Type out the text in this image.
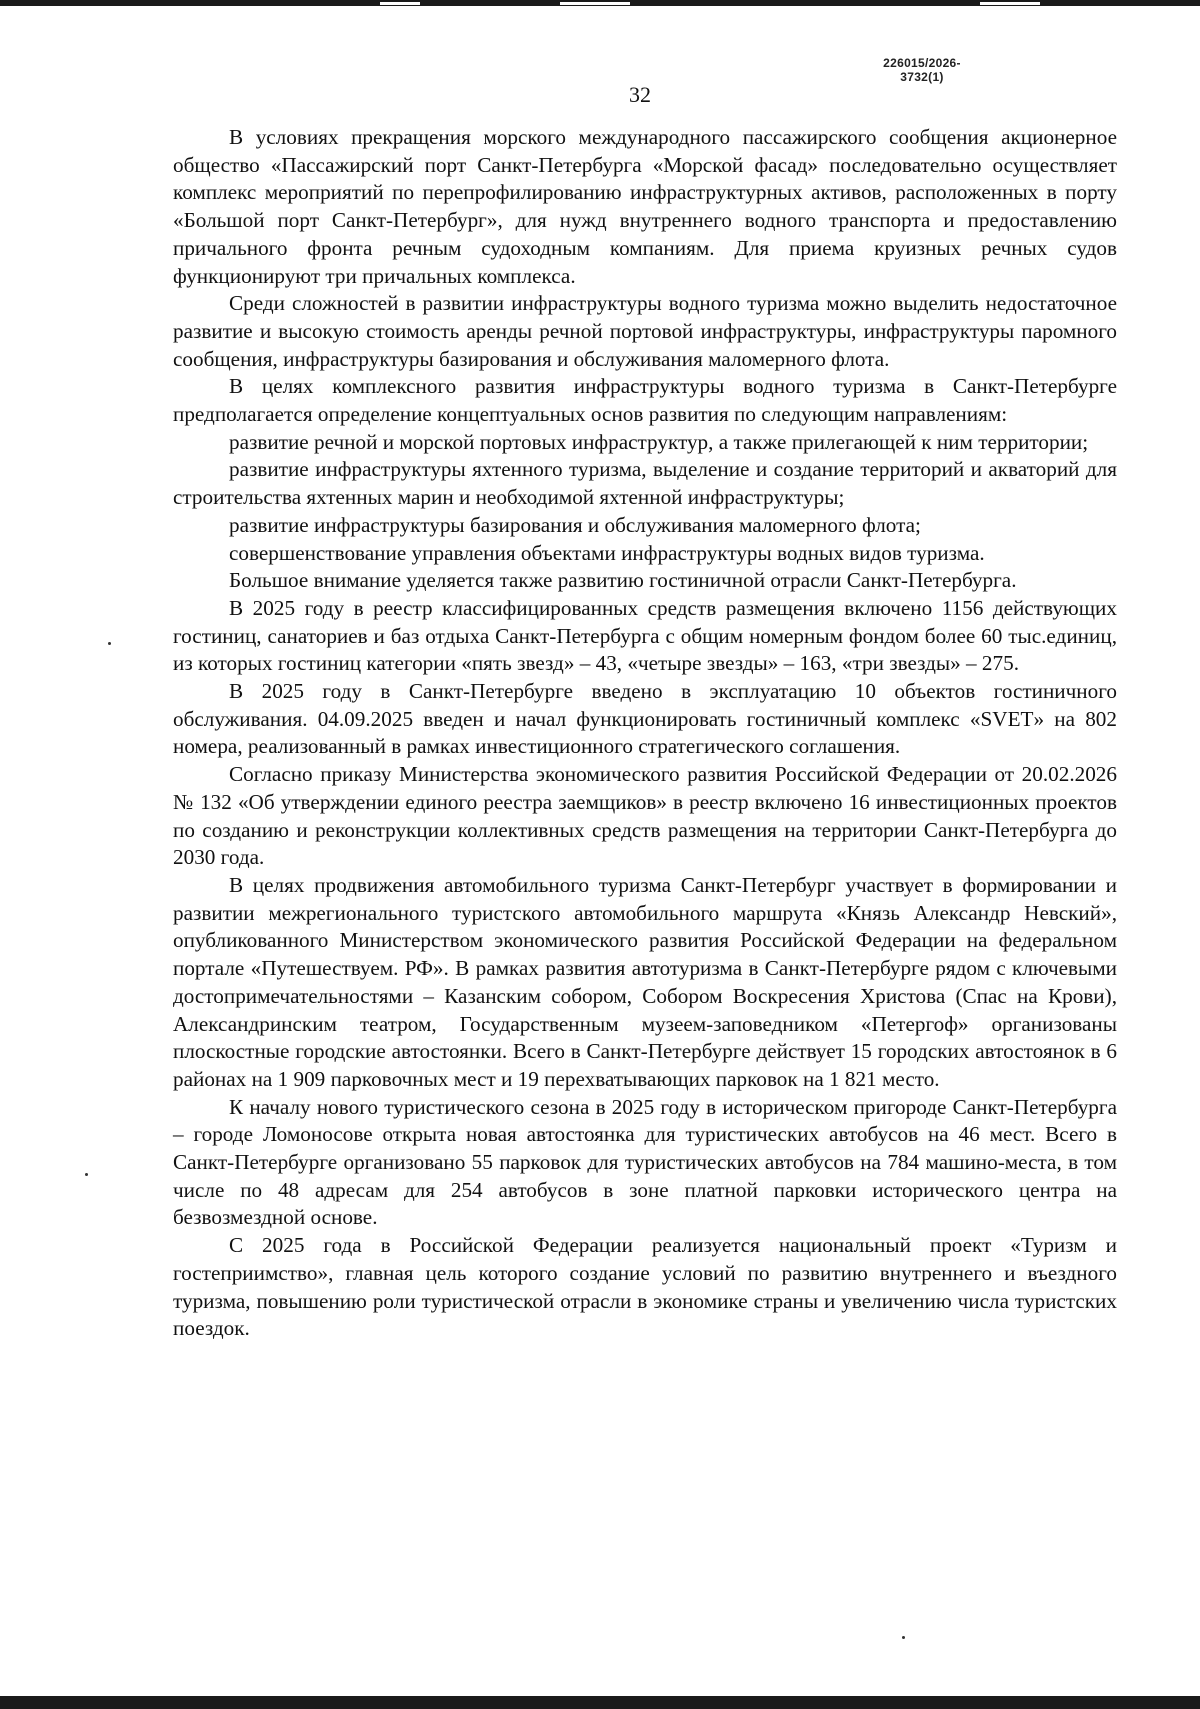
226015/2026-3732(1)
32

В условиях прекращения морского международного пассажирского сообщения акционерное общество «Пассажирский порт Санкт-Петербурга «Морской фасад» последовательно осуществляет комплекс мероприятий по перепрофилированию инфраструктурных активов, расположенных в порту «Большой порт Санкт-Петербург», для нужд внутреннего водного транспорта и предоставлению причального фронта речным судоходным компаниям. Для приема круизных речных судов функционируют три причальных комплекса.

Среди сложностей в развитии инфраструктуры водного туризма можно выделить недостаточное развитие и высокую стоимость аренды речной портовой инфраструктуры, инфраструктуры паромного сообщения, инфраструктуры базирования и обслуживания маломерного флота.

В целях комплексного развития инфраструктуры водного туризма в Санкт-Петербурге предполагается определение концептуальных основ развития по следующим направлениям:

развитие речной и морской портовых инфраструктур, а также прилегающей к ним территории;

развитие инфраструктуры яхтенного туризма, выделение и создание территорий и акваторий для строительства яхтенных марин и необходимой яхтенной инфраструктуры;

развитие инфраструктуры базирования и обслуживания маломерного флота;

совершенствование управления объектами инфраструктуры водных видов туризма.

Большое внимание уделяется также развитию гостиничной отрасли Санкт-Петербурга.

В 2025 году в реестр классифицированных средств размещения включено 1156 действующих гостиниц, санаториев и баз отдыха Санкт-Петербурга с общим номерным фондом более 60 тыс.единиц, из которых гостиниц категории «пять звезд» – 43, «четыре звезды» – 163, «три звезды» – 275.

В 2025 году в Санкт-Петербурге введено в эксплуатацию 10 объектов гостиничного обслуживания. 04.09.2025 введен и начал функционировать гостиничный комплекс «SVET» на 802 номера, реализованный в рамках инвестиционного стратегического соглашения.

Согласно приказу Министерства экономического развития Российской Федерации от 20.02.2026 № 132 «Об утверждении единого реестра заемщиков» в реестр включено 16 инвестиционных проектов по созданию и реконструкции коллективных средств размещения на территории Санкт-Петербурга до 2030 года.

В целях продвижения автомобильного туризма Санкт-Петербург участвует в формировании и развитии межрегионального туристского автомобильного маршрута «Князь Александр Невский», опубликованного Министерством экономического развития Российской Федерации на федеральном портале «Путешествуем. РФ». В рамках развития автотуризма в Санкт-Петербурге рядом с ключевыми достопримечательностями – Казанским собором, Собором Воскресения Христова (Спас на Крови), Александринским театром, Государственным музеем-заповедником «Петергоф» организованы плоскостные городские автостоянки. Всего в Санкт-Петербурге действует 15 городских автостоянок в 6 районах на 1 909 парковочных мест и 19 перехватывающих парковок на 1 821 место.

К началу нового туристического сезона в 2025 году в историческом пригороде Санкт-Петербурга – городе Ломоносове открыта новая автостоянка для туристических автобусов на 46 мест. Всего в Санкт-Петербурге организовано 55 парковок для туристических автобусов на 784 машино-места, в том числе по 48 адресам для 254 автобусов в зоне платной парковки исторического центра на безвозмездной основе.

С 2025 года в Российской Федерации реализуется национальный проект «Туризм и гостеприимство», главная цель которого создание условий по развитию внутреннего и въездного туризма, повышению роли туристической отрасли в экономике страны и увеличению числа туристских поездок.
